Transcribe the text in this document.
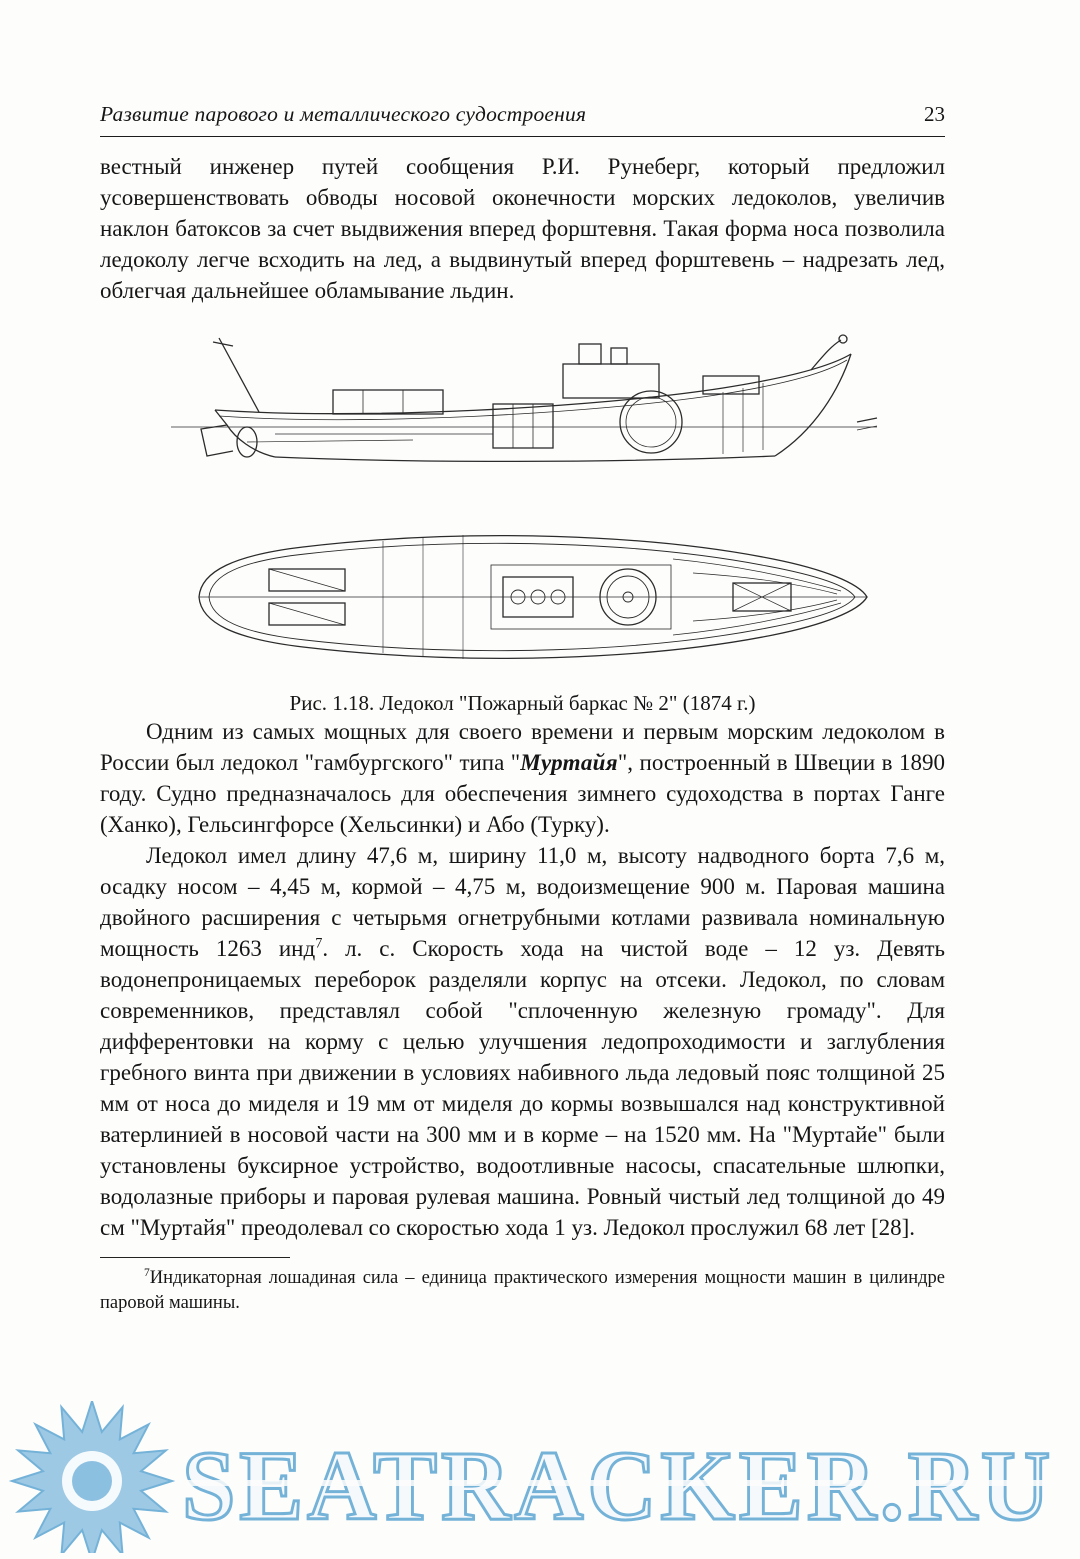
Развитие парового и металлического судостроения	23

вестный инженер путей сообщения Р.И. Рунеберг, который предложил усовершенствовать обводы носовой оконечности морских ледоколов, увеличив наклон батоксов за счет выдвижения вперед форштевня. Такая форма носа позволила ледоколу легче всходить на лед, а выдвинутый вперед форштевень – надрезать лед, облегчая дальнейшее обламывание льдин.

Рис. 1.18. Ледокол "Пожарный баркас № 2" (1874 г.)

Одним из самых мощных для своего времени и первым морским ледоколом в России был ледокол "гамбургского" типа "Муртайя", построенный в Швеции в 1890 году. Судно предназначалось для обеспечения зимнего судоходства в портах Ганге (Ханко), Гельсингфорсе (Хельсинки) и Або (Турку).

Ледокол имел длину 47,6 м, ширину 11,0 м, высоту надводного борта 7,6 м, осадку носом – 4,45 м, кормой – 4,75 м, водоизмещение 900 м. Паровая машина двойного расширения с четырьмя огнетрубными котлами развивала номинальную мощность 1263 инд$^7$. л. с. Скорость хода на чистой воде – 12 уз. Девять водонепроницаемых переборок разделяли корпус на отсеки. Ледокол, по словам современников, представлял собой "сплоченную железную громаду". Для дифферентовки на корму с целью улучшения ледопроходимости и заглубления гребного винта при движении в условиях набивного льда ледовый пояс толщиной 25 мм от носа до миделя и 19 мм от миделя до кормы возвышался над конструктивной ватерлинией в носовой части на 300 мм и в корме – на 1520 мм. На "Муртайе" были установлены буксирное устройство, водоотливные насосы, спасательные шлюпки, водолазные приборы и паровая рулевая машина. Ровный чистый лед толщиной до 49 см "Муртайя" преодолевал со скоростью хода 1 уз. Ледокол прослужил 68 лет [28].

$^7$Индикаторная лошадиная сила – единица практического измерения мощности машин в цилиндре паровой машины.

SEATRACKER.RU
